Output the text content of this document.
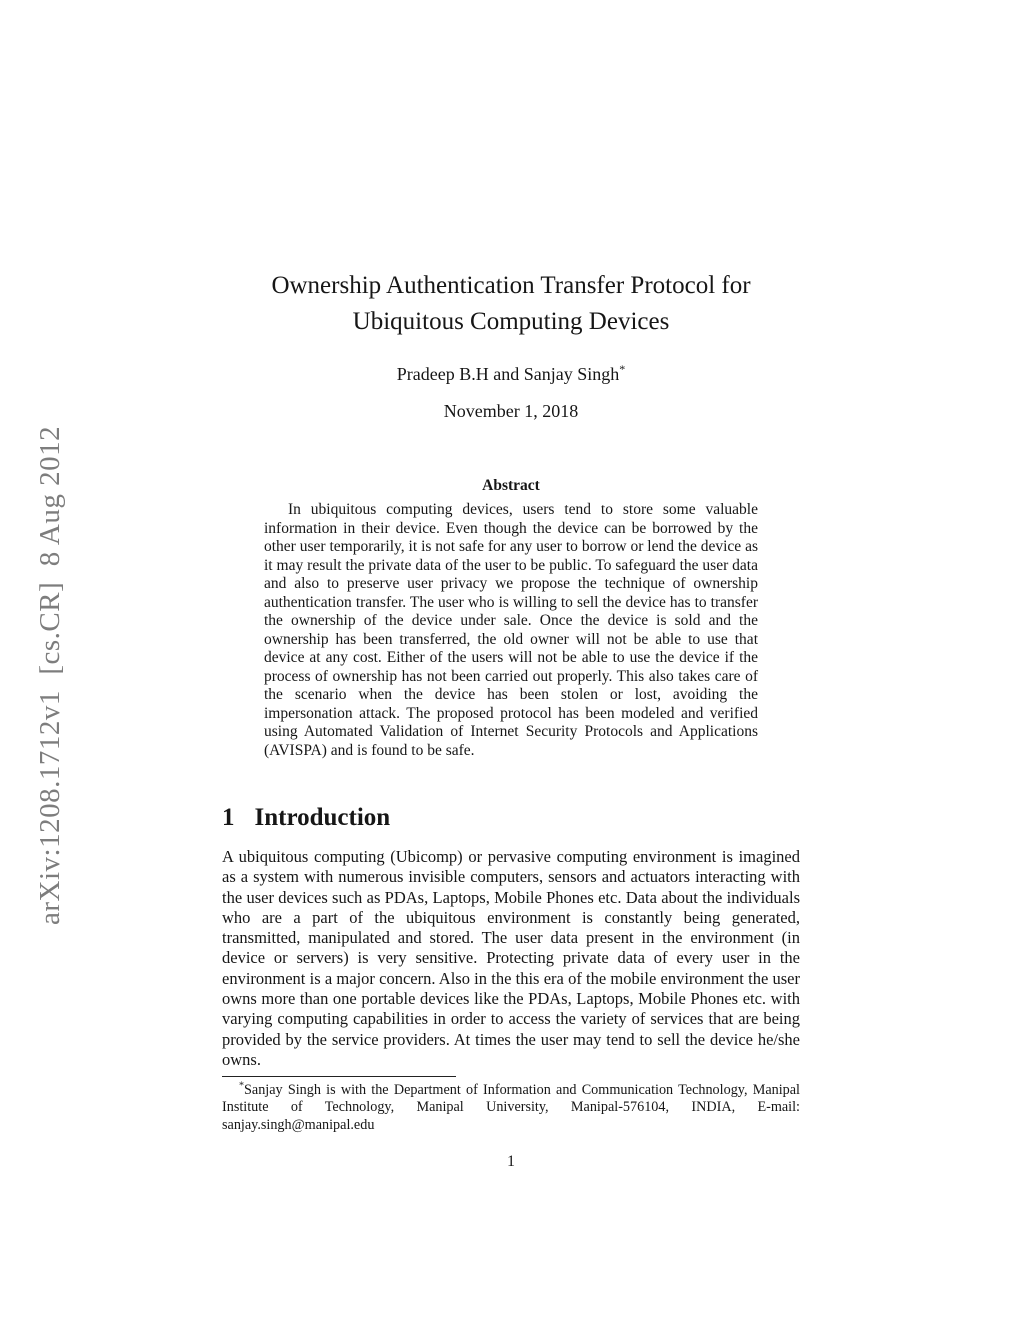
arXiv:1208.1712v1  [cs.CR]  8 Aug 2012
Ownership Authentication Transfer Protocol for
Ubiquitous Computing Devices
Pradeep B.H and Sanjay Singh*
November 1, 2018
Abstract

In ubiquitous computing devices, users tend to store some valuable information in their device. Even though the device can be borrowed by the other user temporarily, it is not safe for any user to borrow or lend the device as it may result the private data of the user to be public. To safeguard the user data and also to preserve user privacy we propose the technique of ownership authentication transfer. The user who is willing to sell the device has to transfer the ownership of the device under sale. Once the device is sold and the ownership has been transferred, the old owner will not be able to use that device at any cost. Either of the users will not be able to use the device if the process of ownership has not been carried out properly. This also takes care of the scenario when the device has been stolen or lost, avoiding the impersonation attack. The proposed protocol has been modeled and verified using Automated Validation of Internet Security Protocols and Applications (AVISPA) and is found to be safe.

1 Introduction

A ubiquitous computing (Ubicomp) or pervasive computing environment is imagined as a system with numerous invisible computers, sensors and actuators interacting with the user devices such as PDAs, Laptops, Mobile Phones etc. Data about the individuals who are a part of the ubiquitous environment is constantly being generated, transmitted, manipulated and stored. The user data present in the environment (in device or servers) is very sensitive. Protecting private data of every user in the environment is a major concern. Also in the this era of the mobile environment the user owns more than one portable devices like the PDAs, Laptops, Mobile Phones etc. with varying computing capabilities in order to access the variety of services that are being provided by the service providers. At times the user may tend to sell the device he/she owns.

*Sanjay Singh is with the Department of Information and Communication Technology, Manipal Institute of Technology, Manipal University, Manipal-576104, INDIA, E-mail: sanjay.singh@manipal.edu

1
